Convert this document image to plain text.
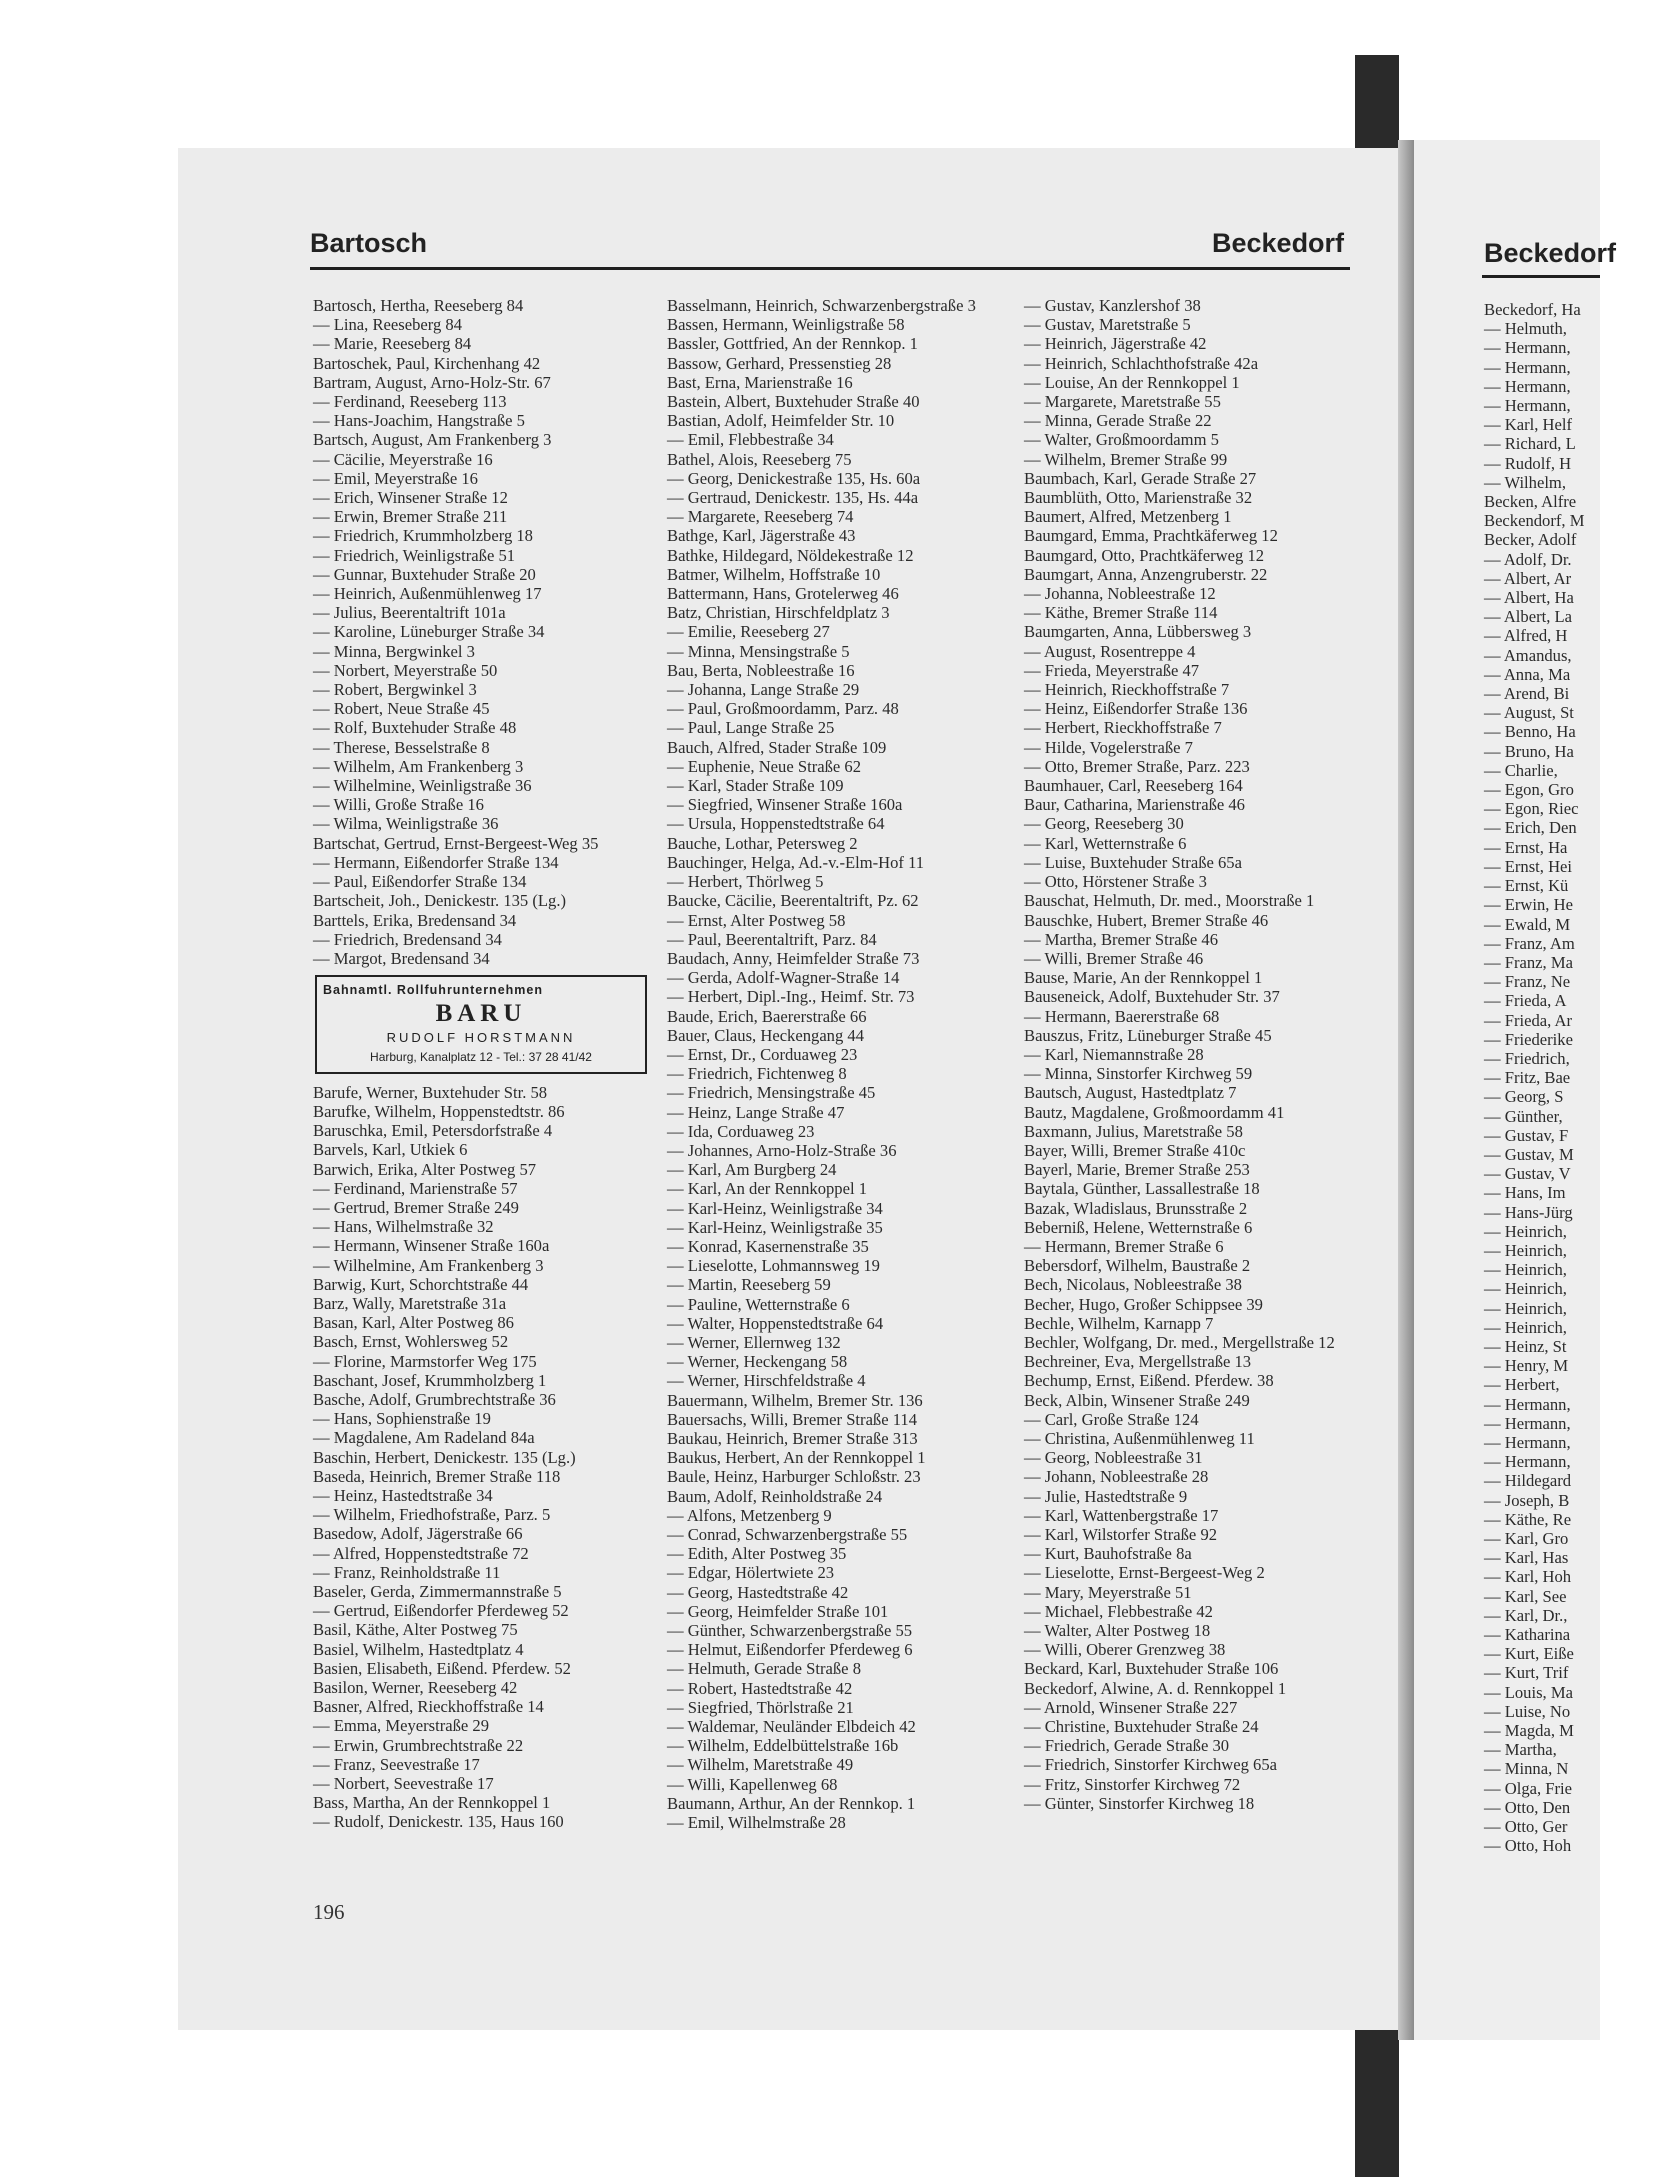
Bartosch	Beckedorf	Beckedorf
Bartosch, Hertha, Reeseberg 84
— Lina, Reeseberg 84
— Marie, Reeseberg 84
Bartoschek, Paul, Kirchenhang 42
Bartram, August, Arno-Holz-Str. 67
— Ferdinand, Reeseberg 113
— Hans-Joachim, Hangstraße 5
Bartsch, August, Am Frankenberg 3
— Cäcilie, Meyerstraße 16
— Emil, Meyerstraße 16
— Erich, Winsener Straße 12
— Erwin, Bremer Straße 211
— Friedrich, Krummholzberg 18
— Friedrich, Weinligstraße 51
— Gunnar, Buxtehuder Straße 20
— Heinrich, Außenmühlenweg 17
— Julius, Beerentaltrift 101a
— Karoline, Lüneburger Straße 34
— Minna, Bergwinkel 3
— Norbert, Meyerstraße 50
— Robert, Bergwinkel 3
— Robert, Neue Straße 45
— Rolf, Buxtehuder Straße 48
— Therese, Besselstraße 8
— Wilhelm, Am Frankenberg 3
— Wilhelmine, Weinligstraße 36
— Willi, Große Straße 16
— Wilma, Weinligstraße 36
Bartschat, Gertrud, Ernst-Bergeest-Weg 35
— Hermann, Eißendorfer Straße 134
— Paul, Eißendorfer Straße 134
Bartscheit, Joh., Denickestr. 135 (Lg.)
Barttels, Erika, Bredensand 34
— Friedrich, Bredensand 34
— Margot, Bredensand 34
Bahnamtl. Rollfuhrunternehmen
BARU
RUDOLF HORSTMANN
Harburg, Kanalplatz 12 - Tel.: 37 28 41/42
Barufe, Werner, Buxtehuder Str. 58
Barufke, Wilhelm, Hoppenstedtstr. 86
Baruschka, Emil, Petersdorfstraße 4
Barvels, Karl, Utkiek 6
Barwich, Erika, Alter Postweg 57
— Ferdinand, Marienstraße 57
— Gertrud, Bremer Straße 249
— Hans, Wilhelmstraße 32
— Hermann, Winsener Straße 160a
— Wilhelmine, Am Frankenberg 3
Barwig, Kurt, Schorchtstraße 44
Barz, Wally, Maretstraße 31a
Basan, Karl, Alter Postweg 86
Basch, Ernst, Wohlersweg 52
— Florine, Marmstorfer Weg 175
Baschant, Josef, Krummholzberg 1
Basche, Adolf, Grumbrechtstraße 36
— Hans, Sophienstraße 19
— Magdalene, Am Radeland 84a
Baschin, Herbert, Denickestr. 135 (Lg.)
Baseda, Heinrich, Bremer Straße 118
— Heinz, Hastedtstraße 34
— Wilhelm, Friedhofstraße, Parz. 5
Basedow, Adolf, Jägerstraße 66
— Alfred, Hoppenstedtstraße 72
— Franz, Reinholdstraße 11
Baseler, Gerda, Zimmermannstraße 5
— Gertrud, Eißendorfer Pferdeweg 52
Basil, Käthe, Alter Postweg 75
Basiel, Wilhelm, Hastedtplatz 4
Basien, Elisabeth, Eißend. Pferdew. 52
Basilon, Werner, Reeseberg 42
Basner, Alfred, Rieckhoffstraße 14
— Emma, Meyerstraße 29
— Erwin, Grumbrechtstraße 22
— Franz, Seevestraße 17
— Norbert, Seevestraße 17
Bass, Martha, An der Rennkoppel 1
— Rudolf, Denickestr. 135, Haus 160
Basselmann, Heinrich, Schwarzenbergstraße 3
Bassen, Hermann, Weinligstraße 58
Bassler, Gottfried, An der Rennkop. 1
Bassow, Gerhard, Pressenstieg 28
Bast, Erna, Marienstraße 16
Bastein, Albert, Buxtehuder Straße 40
Bastian, Adolf, Heimfelder Str. 10
— Emil, Flebbestraße 34
Bathel, Alois, Reeseberg 75
— Georg, Denickestraße 135, Hs. 60a
— Gertraud, Denickestr. 135, Hs. 44a
— Margarete, Reeseberg 74
Bathge, Karl, Jägerstraße 43
Bathke, Hildegard, Nöldekestraße 12
Batmer, Wilhelm, Hoffstraße 10
Battermann, Hans, Grotelerweg 46
Batz, Christian, Hirschfeldplatz 3
— Emilie, Reeseberg 27
— Minna, Mensingstraße 5
Bau, Berta, Nobleestraße 16
— Johanna, Lange Straße 29
— Paul, Großmoordamm, Parz. 48
— Paul, Lange Straße 25
Bauch, Alfred, Stader Straße 109
— Euphenie, Neue Straße 62
— Karl, Stader Straße 109
— Siegfried, Winsener Straße 160a
— Ursula, Hoppenstedtstraße 64
Bauche, Lothar, Petersweg 2
Bauchinger, Helga, Ad.-v.-Elm-Hof 11
— Herbert, Thörlweg 5
Baucke, Cäcilie, Beerentaltrift, Pz. 62
— Ernst, Alter Postweg 58
— Paul, Beerentaltrift, Parz. 84
Baudach, Anny, Heimfelder Straße 73
— Gerda, Adolf-Wagner-Straße 14
— Herbert, Dipl.-Ing., Heimf. Str. 73
Baude, Erich, Baererstraße 66
Bauer, Claus, Heckengang 44
— Ernst, Dr., Corduaweg 23
— Friedrich, Fichtenweg 8
— Friedrich, Mensingstraße 45
— Heinz, Lange Straße 47
— Ida, Corduaweg 23
— Johannes, Arno-Holz-Straße 36
— Karl, Am Burgberg 24
— Karl, An der Rennkoppel 1
— Karl-Heinz, Weinligstraße 34
— Karl-Heinz, Weinligstraße 35
— Konrad, Kasernenstraße 35
— Lieselotte, Lohmannsweg 19
— Martin, Reeseberg 59
— Pauline, Wetternstraße 6
— Walter, Hoppenstedtstraße 64
— Werner, Ellernweg 132
— Werner, Heckengang 58
— Werner, Hirschfeldstraße 4
Bauermann, Wilhelm, Bremer Str. 136
Bauersachs, Willi, Bremer Straße 114
Baukau, Heinrich, Bremer Straße 313
Baukus, Herbert, An der Rennkoppel 1
Baule, Heinz, Harburger Schloßstr. 23
Baum, Adolf, Reinholdstraße 24
— Alfons, Metzenberg 9
— Conrad, Schwarzenbergstraße 55
— Edith, Alter Postweg 35
— Edgar, Hölertwiete 23
— Georg, Hastedtstraße 42
— Georg, Heimfelder Straße 101
— Günther, Schwarzenbergstraße 55
— Helmut, Eißendorfer Pferdeweg 6
— Helmuth, Gerade Straße 8
— Robert, Hastedtstraße 42
— Siegfried, Thörlstraße 21
— Waldemar, Neuländer Elbdeich 42
— Wilhelm, Eddelbüttelstraße 16b
— Wilhelm, Maretstraße 49
— Willi, Kapellenweg 68
Baumann, Arthur, An der Rennkop. 1
— Emil, Wilhelmstraße 28
— Gustav, Kanzlershof 38
— Gustav, Maretstraße 5
— Heinrich, Jägerstraße 42
— Heinrich, Schlachthofstraße 42a
— Louise, An der Rennkoppel 1
— Margarete, Maretstraße 55
— Minna, Gerade Straße 22
— Walter, Großmoordamm 5
— Wilhelm, Bremer Straße 99
Baumbach, Karl, Gerade Straße 27
Baumblüth, Otto, Marienstraße 32
Baumert, Alfred, Metzenberg 1
Baumgard, Emma, Prachtkäferweg 12
Baumgard, Otto, Prachtkäferweg 12
Baumgart, Anna, Anzengruberstr. 22
— Johanna, Nobleestraße 12
— Käthe, Bremer Straße 114
Baumgarten, Anna, Lübbersweg 3
— August, Rosentreppe 4
— Frieda, Meyerstraße 47
— Heinrich, Rieckhoffstraße 7
— Heinz, Eißendorfer Straße 136
— Herbert, Rieckhoffstraße 7
— Hilde, Vogelerstraße 7
— Otto, Bremer Straße, Parz. 223
Baumhauer, Carl, Reeseberg 164
Baur, Catharina, Marienstraße 46
— Georg, Reeseberg 30
— Karl, Wetternstraße 6
— Luise, Buxtehuder Straße 65a
— Otto, Hörstener Straße 3
Bauschat, Helmuth, Dr. med., Moorstraße 1
Bauschke, Hubert, Bremer Straße 46
— Martha, Bremer Straße 46
— Willi, Bremer Straße 46
Bause, Marie, An der Rennkoppel 1
Bauseneick, Adolf, Buxtehuder Str. 37
— Hermann, Baererstraße 68
Bauszus, Fritz, Lüneburger Straße 45
— Karl, Niemannstraße 28
— Minna, Sinstorfer Kirchweg 59
Bautsch, August, Hastedtplatz 7
Bautz, Magdalene, Großmoordamm 41
Baxmann, Julius, Maretstraße 58
Bayer, Willi, Bremer Straße 410c
Bayerl, Marie, Bremer Straße 253
Baytala, Günther, Lassallestraße 18
Bazak, Wladislaus, Brunsstraße 2
Beberniß, Helene, Wetternstraße 6
— Hermann, Bremer Straße 6
Bebersdorf, Wilhelm, Baustraße 2
Bech, Nicolaus, Nobleestraße 38
Becher, Hugo, Großer Schippsee 39
Bechle, Wilhelm, Karnapp 7
Bechler, Wolfgang, Dr. med., Mergellstraße 12
Bechreiner, Eva, Mergellstraße 13
Bechump, Ernst, Eißend. Pferdew. 38
Beck, Albin, Winsener Straße 249
— Carl, Große Straße 124
— Christina, Außenmühlenweg 11
— Georg, Nobleestraße 31
— Johann, Nobleestraße 28
— Julie, Hastedtstraße 9
— Karl, Wattenbergstraße 17
— Karl, Wilstorfer Straße 92
— Kurt, Bauhofstraße 8a
— Lieselotte, Ernst-Bergeest-Weg 2
— Mary, Meyerstraße 51
— Michael, Flebbestraße 42
— Walter, Alter Postweg 18
— Willi, Oberer Grenzweg 38
Beckard, Karl, Buxtehuder Straße 106
Beckedorf, Alwine, A. d. Rennkoppel 1
— Arnold, Winsener Straße 227
— Christine, Buxtehuder Straße 24
— Friedrich, Gerade Straße 30
— Friedrich, Sinstorfer Kirchweg 65a
— Fritz, Sinstorfer Kirchweg 72
— Günter, Sinstorfer Kirchweg 18
Beckedorf, Ha
— Helmuth,
— Hermann,
— Hermann,
— Hermann,
— Hermann,
— Karl, Helf
— Richard, L
— Rudolf, H
— Wilhelm,
Becken, Alfre
Beckendorf, M
Becker, Adolf
— Adolf, Dr.
— Albert, Ar
— Albert, Ha
— Albert, La
— Alfred, H
— Amandus,
— Anna, Ma
— Arend, Bi
— August, St
— Benno, Ha
— Bruno, Ha
— Charlie,
— Egon, Gro
— Egon, Riec
— Erich, Den
— Ernst, Ha
— Ernst, Hei
— Ernst, Kü
— Erwin, He
— Ewald, M
— Franz, Am
— Franz, Ma
— Franz, Ne
— Frieda, A
— Frieda, Ar
— Friederike
— Friedrich,
— Fritz, Bae
— Georg, S
— Günther,
— Gustav, F
— Gustav, M
— Gustav, V
— Hans, Im
— Hans-Jürg
— Heinrich,
— Heinrich,
— Heinrich,
— Heinrich,
— Heinrich,
— Heinrich,
— Heinz, St
— Henry, M
— Herbert,
— Hermann,
— Hermann,
— Hermann,
— Hermann,
— Hildegard
— Joseph, B
— Käthe, Re
— Karl, Gro
— Karl, Has
— Karl, Hoh
— Karl, See
— Karl, Dr.,
— Katharina
— Kurt, Eiße
— Kurt, Trif
— Louis, Ma
— Luise, No
— Magda, M
— Martha,
— Minna, N
— Olga, Frie
— Otto, Den
— Otto, Ger
— Otto, Hoh
196
